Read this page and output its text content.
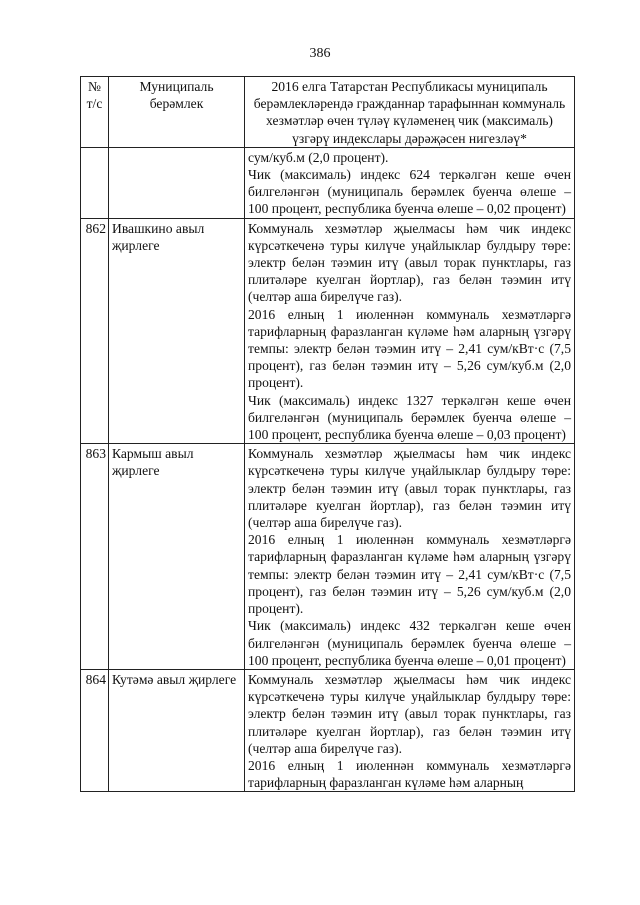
386
№ т/с	Муниципаль берәмлек	2016 елга Татарстан Республикасы муниципаль берәмлекләрендә гражданнар тарафыннан коммуналь хезмәтләр өчен түләү күләменең чик (максималь) үзгәрү индекслары дәрәҗәсен нигезләү*

		сум/куб.м (2,0 процент).
Чик (максималь) индекс 624 теркәлгән кеше өчен билгеләнгән (муниципаль берәмлек буенча өлеше – 100 процент, республика буенча өлеше – 0,02 процент)

862	Ивашкино авыл җирлеге	Коммуналь хезмәтләр җыелмасы һәм чик индекс күрсәткеченә туры килүче уңайлыклар булдыру төре: электр белән тәэмин итү (авыл торак пунктлары, газ плитәләре куелган йортлар), газ белән тәэмин итү (челтәр аша бирелүче газ).
2016 елның 1 июленнән коммуналь хезмәтләргә тарифларның фаразланган күләме һәм аларның үзгәрү темпы: электр белән тәэмин итү – 2,41 сум/кВт·с (7,5 процент), газ белән тәэмин итү – 5,26 сум/куб.м (2,0 процент).
Чик (максималь) индекс 1327 теркәлгән кеше өчен билгеләнгән (муниципаль берәмлек буенча өлеше – 100 процент, республика буенча өлеше – 0,03 процент)

863	Кармыш авыл җирлеге	Коммуналь хезмәтләр җыелмасы һәм чик индекс күрсәткеченә туры килүче уңайлыклар булдыру төре: электр белән тәэмин итү (авыл торак пунктлары, газ плитәләре куелган йортлар), газ белән тәэмин итү (челтәр аша бирелүче газ).
2016 елның 1 июленнән коммуналь хезмәтләргә тарифларның фаразланган күләме һәм аларның үзгәрү темпы: электр белән тәэмин итү – 2,41 сум/кВт·с (7,5 процент), газ белән тәэмин итү – 5,26 сум/куб.м (2,0 процент).
Чик (максималь) индекс 432 теркәлгән кеше өчен билгеләнгән (муниципаль берәмлек буенча өлеше – 100 процент, республика буенча өлеше – 0,01 процент)

864	Кутәмә авыл җирлеге	Коммуналь хезмәтләр җыелмасы һәм чик индекс күрсәткеченә туры килүче уңайлыклар булдыру төре: электр белән тәэмин итү (авыл торак пунктлары, газ плитәләре куелган йортлар), газ белән тәэмин итү (челтәр аша бирелүче газ).
2016 елның 1 июленнән коммуналь хезмәтләргә тарифларның фаразланган күләме һәм аларның
